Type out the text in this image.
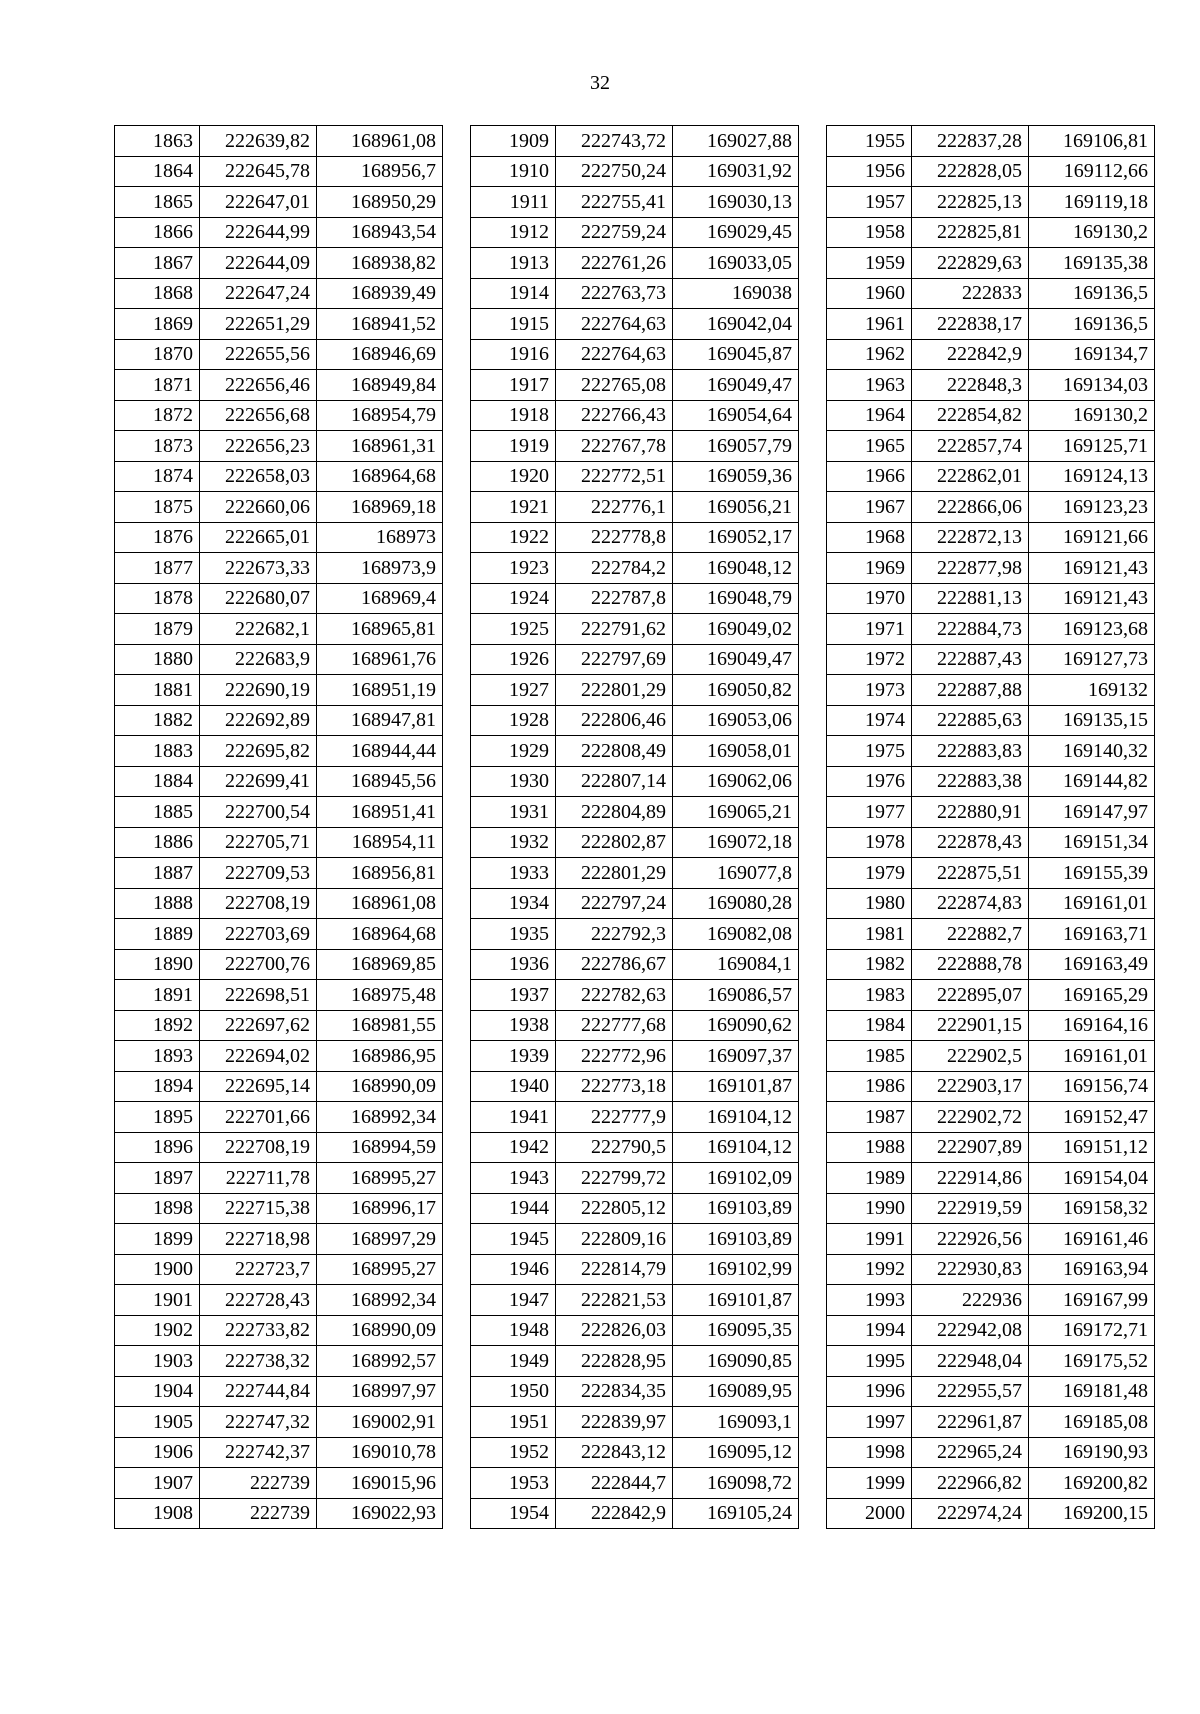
32
1863	222639,82	168961,08
1864	222645,78	168956,7
1865	222647,01	168950,29
1866	222644,99	168943,54
1867	222644,09	168938,82
1868	222647,24	168939,49
1869	222651,29	168941,52
1870	222655,56	168946,69
1871	222656,46	168949,84
1872	222656,68	168954,79
1873	222656,23	168961,31
1874	222658,03	168964,68
1875	222660,06	168969,18
1876	222665,01	168973
1877	222673,33	168973,9
1878	222680,07	168969,4
1879	222682,1	168965,81
1880	222683,9	168961,76
1881	222690,19	168951,19
1882	222692,89	168947,81
1883	222695,82	168944,44
1884	222699,41	168945,56
1885	222700,54	168951,41
1886	222705,71	168954,11
1887	222709,53	168956,81
1888	222708,19	168961,08
1889	222703,69	168964,68
1890	222700,76	168969,85
1891	222698,51	168975,48
1892	222697,62	168981,55
1893	222694,02	168986,95
1894	222695,14	168990,09
1895	222701,66	168992,34
1896	222708,19	168994,59
1897	222711,78	168995,27
1898	222715,38	168996,17
1899	222718,98	168997,29
1900	222723,7	168995,27
1901	222728,43	168992,34
1902	222733,82	168990,09
1903	222738,32	168992,57
1904	222744,84	168997,97
1905	222747,32	169002,91
1906	222742,37	169010,78
1907	222739	169015,96
1908	222739	169022,93
1909	222743,72	169027,88
1910	222750,24	169031,92
1911	222755,41	169030,13
1912	222759,24	169029,45
1913	222761,26	169033,05
1914	222763,73	169038
1915	222764,63	169042,04
1916	222764,63	169045,87
1917	222765,08	169049,47
1918	222766,43	169054,64
1919	222767,78	169057,79
1920	222772,51	169059,36
1921	222776,1	169056,21
1922	222778,8	169052,17
1923	222784,2	169048,12
1924	222787,8	169048,79
1925	222791,62	169049,02
1926	222797,69	169049,47
1927	222801,29	169050,82
1928	222806,46	169053,06
1929	222808,49	169058,01
1930	222807,14	169062,06
1931	222804,89	169065,21
1932	222802,87	169072,18
1933	222801,29	169077,8
1934	222797,24	169080,28
1935	222792,3	169082,08
1936	222786,67	169084,1
1937	222782,63	169086,57
1938	222777,68	169090,62
1939	222772,96	169097,37
1940	222773,18	169101,87
1941	222777,9	169104,12
1942	222790,5	169104,12
1943	222799,72	169102,09
1944	222805,12	169103,89
1945	222809,16	169103,89
1946	222814,79	169102,99
1947	222821,53	169101,87
1948	222826,03	169095,35
1949	222828,95	169090,85
1950	222834,35	169089,95
1951	222839,97	169093,1
1952	222843,12	169095,12
1953	222844,7	169098,72
1954	222842,9	169105,24
1955	222837,28	169106,81
1956	222828,05	169112,66
1957	222825,13	169119,18
1958	222825,81	169130,2
1959	222829,63	169135,38
1960	222833	169136,5
1961	222838,17	169136,5
1962	222842,9	169134,7
1963	222848,3	169134,03
1964	222854,82	169130,2
1965	222857,74	169125,71
1966	222862,01	169124,13
1967	222866,06	169123,23
1968	222872,13	169121,66
1969	222877,98	169121,43
1970	222881,13	169121,43
1971	222884,73	169123,68
1972	222887,43	169127,73
1973	222887,88	169132
1974	222885,63	169135,15
1975	222883,83	169140,32
1976	222883,38	169144,82
1977	222880,91	169147,97
1978	222878,43	169151,34
1979	222875,51	169155,39
1980	222874,83	169161,01
1981	222882,7	169163,71
1982	222888,78	169163,49
1983	222895,07	169165,29
1984	222901,15	169164,16
1985	222902,5	169161,01
1986	222903,17	169156,74
1987	222902,72	169152,47
1988	222907,89	169151,12
1989	222914,86	169154,04
1990	222919,59	169158,32
1991	222926,56	169161,46
1992	222930,83	169163,94
1993	222936	169167,99
1994	222942,08	169172,71
1995	222948,04	169175,52
1996	222955,57	169181,48
1997	222961,87	169185,08
1998	222965,24	169190,93
1999	222966,82	169200,82
2000	222974,24	169200,15
